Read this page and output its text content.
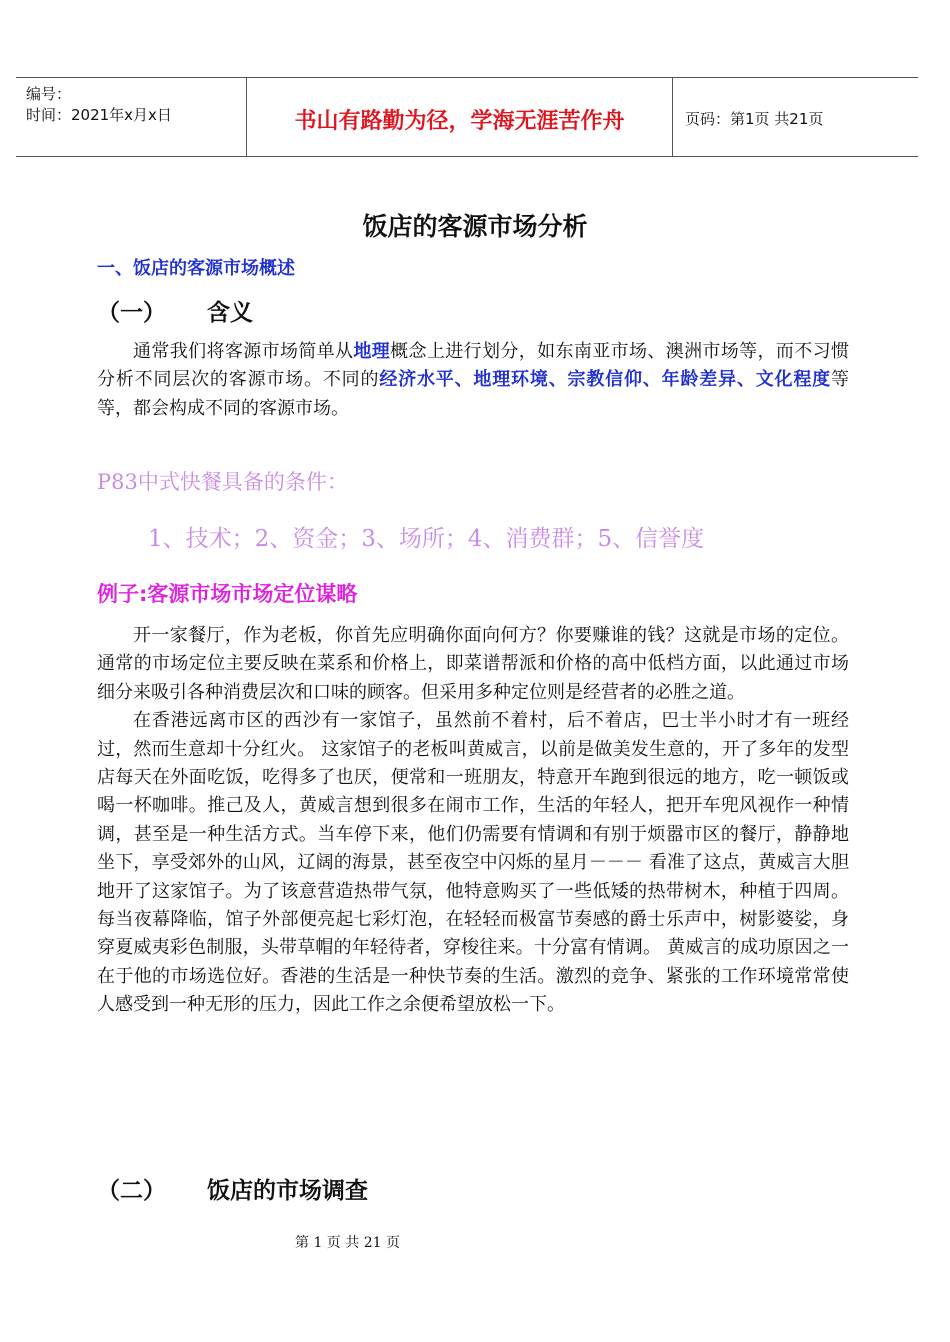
编号：
时间：2021年x月x日	书山有路勤为径，学海无涯苦作舟	页码：第1页 共21页
饭店的客源市场分析
一、饭店的客源市场概述
（一） 含义

通常我们将客源市场简单从地理概念上进行划分，如东南亚市场、澳洲市场等，而不习惯分析不同层次的客源市场。不同的经济水平、地理环境、宗教信仰、年龄差异、文化程度等等，都会构成不同的客源市场。

P83中式快餐具备的条件：
1、技术；2、资金；3、场所；4、消费群；5、信誉度
例子:客源市场市场定位谋略

开一家餐厅，作为老板，你首先应明确你面向何方？你要赚谁的钱？这就是市场的定位。 通常的市场定位主要反映在菜系和价格上，即菜谱帮派和价格的高中低档方面，以此通过市场细分来吸引各种消费层次和口味的顾客。但采用多种定位则是经营者的必胜之道。

在香港远离市区的西沙有一家馆子，虽然前不着村，后不着店，巴士半小时才有一班经过，然而生意却十分红火。 这家馆子的老板叫黄威言，以前是做美发生意的，开了多年的发型店每天在外面吃饭，吃得多了也厌，便常和一班朋友，特意开车跑到很远的地方，吃一顿饭或喝一杯咖啡。推己及人，黄威言想到很多在闹市工作，生活的年轻人，把开车兜风视作一种情调，甚至是一种生活方式。当车停下来，他们仍需要有情调和有别于烦嚣市区的餐厅，静静地坐下，享受郊外的山风，辽阔的海景，甚至夜空中闪烁的星月－－－ 看准了这点，黄威言大胆地开了这家馆子。为了该意营造热带气氛，他特意购买了一些低矮的热带树木，种植于四周。每当夜幕降临，馆子外部便亮起七彩灯泡，在轻轻而极富节奏感的爵士乐声中，树影婆娑，身穿夏威夷彩色制服，头带草帽的年轻待者，穿梭往来。十分富有情调。 黄威言的成功原因之一在于他的市场选位好。香港的生活是一种快节奏的生活。激烈的竞争、紧张的工作环境常常使人感受到一种无形的压力，因此工作之余便希望放松一下。

（二） 饭店的市场调查
第 1 页 共 21 页
